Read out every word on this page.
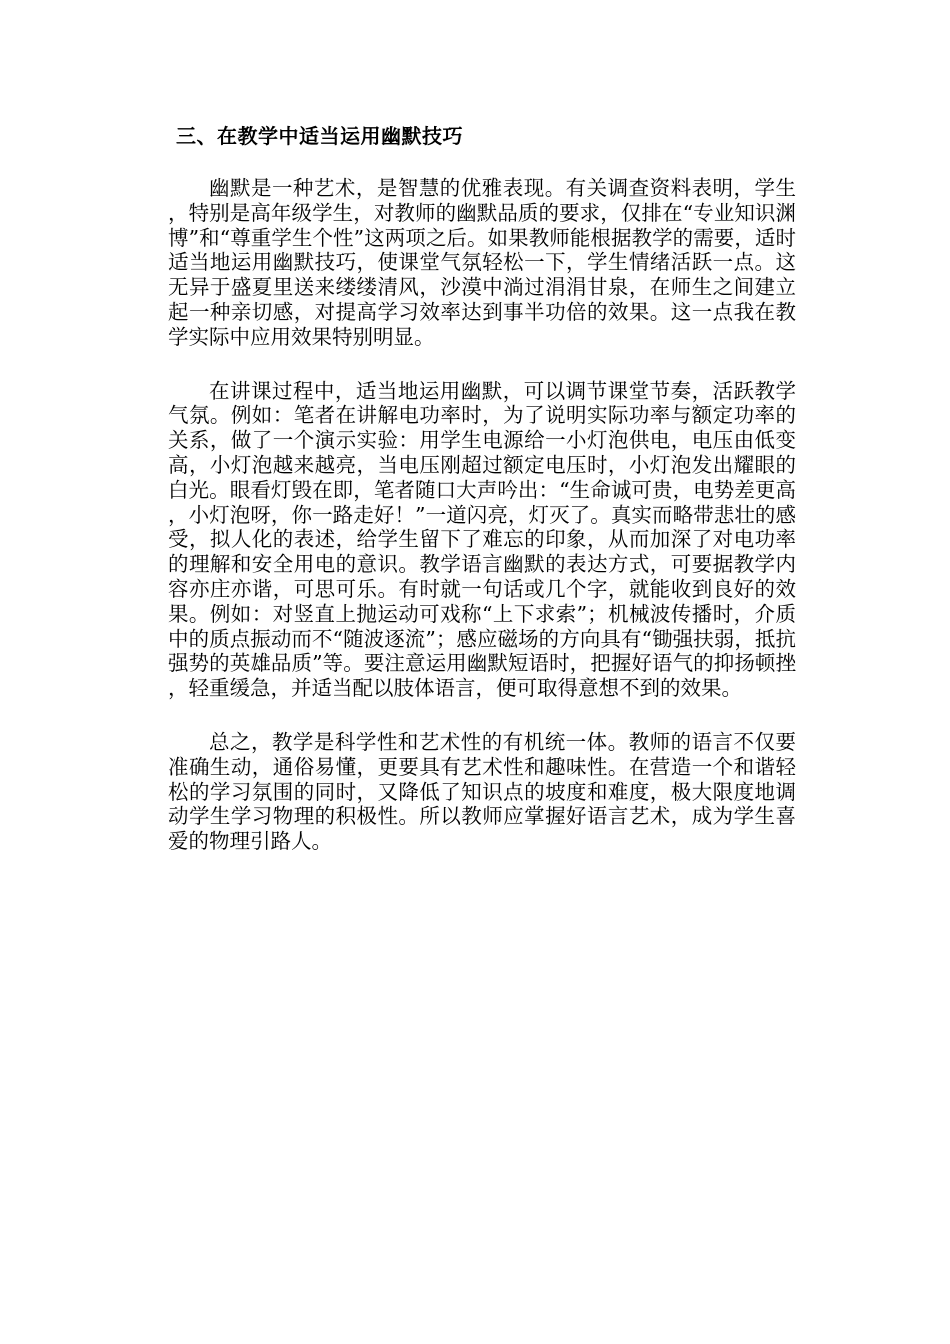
三、在教学中适当运用幽默技巧

幽默是一种艺术，是智慧的优雅表现。有关调查资料表明，学生，特别是高年级学生，对教师的幽默品质的要求，仅排在“专业知识渊博”和“尊重学生个性”这两项之后。如果教师能根据教学的需要，适时适当地运用幽默技巧，使课堂气氛轻松一下，学生情绪活跃一点。这无异于盛夏里送来缕缕清风，沙漠中淌过涓涓甘泉，在师生之间建立起一种亲切感，对提高学习效率达到事半功倍的效果。这一点我在教学实际中应用效果特别明显。

在讲课过程中，适当地运用幽默，可以调节课堂节奏，活跃教学气氛。例如：笔者在讲解电功率时，为了说明实际功率与额定功率的关系，做了一个演示实验：用学生电源给一小灯泡供电，电压由低变高，小灯泡越来越亮，当电压刚超过额定电压时，小灯泡发出耀眼的白光。眼看灯毁在即，笔者随口大声吟出：“生命诚可贵，电势差更高，小灯泡呀，你一路走好！”一道闪亮，灯灭了。真实而略带悲壮的感受，拟人化的表述，给学生留下了难忘的印象，从而加深了对电功率的理解和安全用电的意识。教学语言幽默的表达方式，可要据教学内容亦庄亦谐，可思可乐。有时就一句话或几个字，就能收到良好的效果。例如：对竖直上抛运动可戏称“上下求索”；机械波传播时，介质中的质点振动而不“随波逐流”；感应磁场的方向具有“锄强扶弱，抵抗强势的英雄品质”等。要注意运用幽默短语时，把握好语气的抑扬顿挫，轻重缓急，并适当配以肢体语言，便可取得意想不到的效果。

总之，教学是科学性和艺术性的有机统一体。教师的语言不仅要准确生动，通俗易懂，更要具有艺术性和趣味性。在营造一个和谐轻松的学习氛围的同时，又降低了知识点的坡度和难度，极大限度地调动学生学习物理的积极性。所以教师应掌握好语言艺术，成为学生喜爱的物理引路人。
